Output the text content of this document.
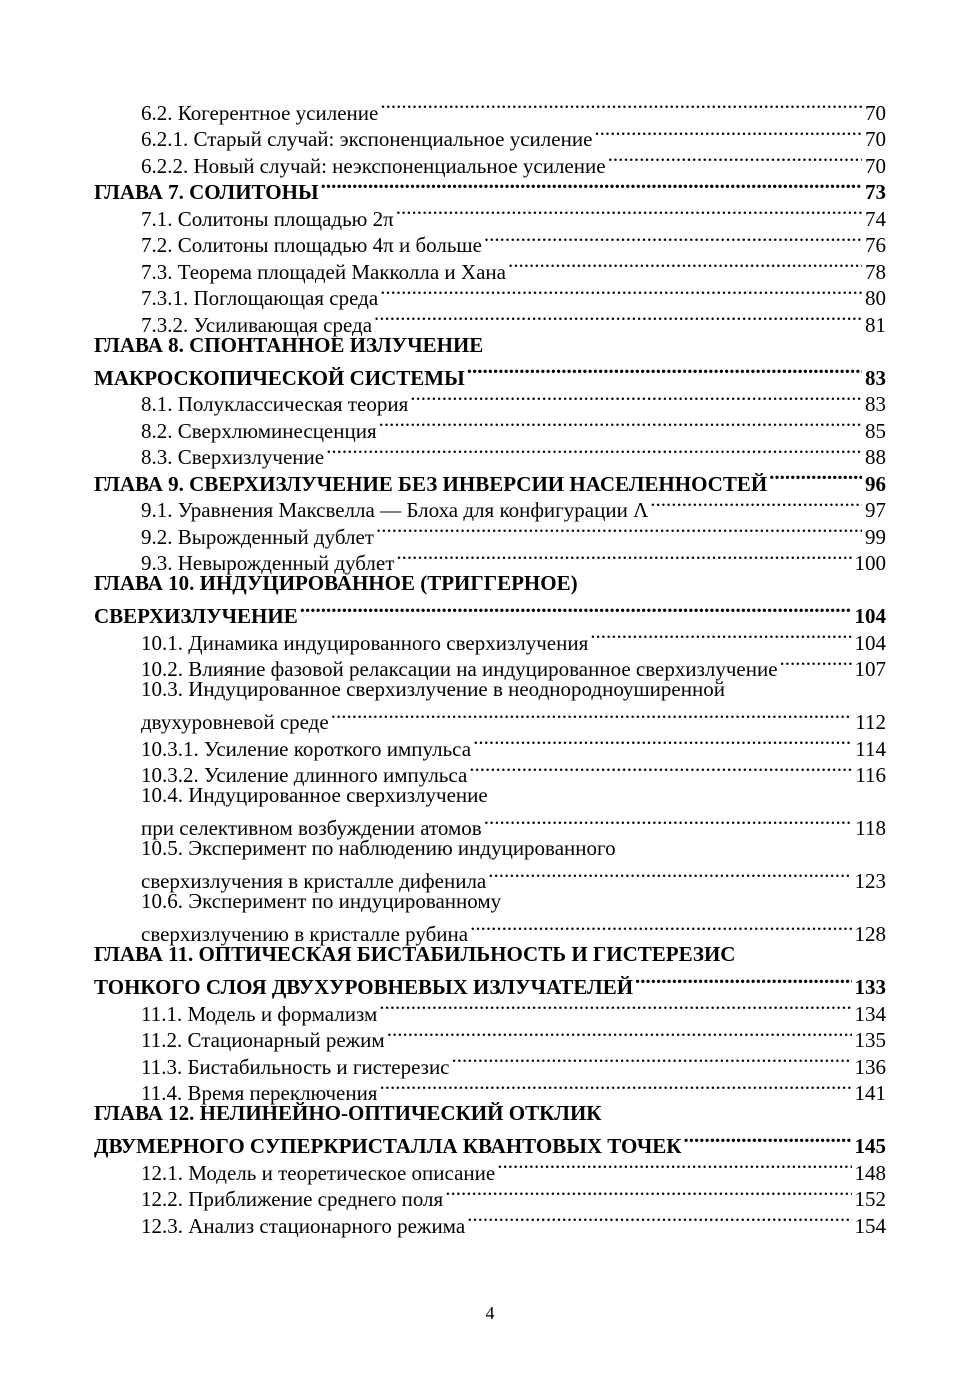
6.2. Когерентное усиление .....	70
6.2.1. Старый случай: экспоненциальное усиление .....	70
6.2.2. Новый случай: неэкспоненциальное усиление .....	70
ГЛАВА 7. СОЛИТОНЫ .....	73
7.1. Солитоны площадью 2π .....	74
7.2. Солитоны площадью 4π и больше .....	76
7.3. Теорема площадей Макколла и Хана .....	78
7.3.1. Поглощающая среда .....	80
7.3.2. Усиливающая среда .....	81
ГЛАВА 8. СПОНТАННОЕ ИЗЛУЧЕНИЕ
МАКРОСКОПИЧЕСКОЙ СИСТЕМЫ .....	83
8.1. Полуклассическая теория .....	83
8.2. Сверхлюминесценция .....	85
8.3. Сверхизлучение .....	88
ГЛАВА 9. СВЕРХИЗЛУЧЕНИЕ БЕЗ ИНВЕРСИИ НАСЕЛЕННОСТЕЙ .....	96
9.1. Уравнения Максвелла — Блоха для конфигурации Λ .....	97
9.2. Вырожденный дублет .....	99
9.3. Невырожденный дублет .....	100
ГЛАВА 10. ИНДУЦИРОВАННОЕ (ТРИГГЕРНОЕ)
СВЕРХИЗЛУЧЕНИЕ .....	104
10.1. Динамика индуцированного сверхизлучения .....	104
10.2. Влияние фазовой релаксации на индуцированное сверхизлучение .....	107
10.3. Индуцированное сверхизлучение в неоднородноуширенной
двухуровневой среде .....	112
10.3.1. Усиление короткого импульса .....	114
10.3.2. Усиление длинного импульса .....	116
10.4. Индуцированное сверхизлучение
при селективном возбуждении атомов .....	118
10.5. Эксперимент по наблюдению индуцированного
сверхизлучения в кристалле дифенила .....	123
10.6. Эксперимент по индуцированному
сверхизлучению в кристалле рубина .....	128
ГЛАВА 11. ОПТИЧЕСКАЯ БИСТАБИЛЬНОСТЬ И ГИСТЕРЕЗИС
ТОНКОГО СЛОЯ ДВУХУРОВНЕВЫХ ИЗЛУЧАТЕЛЕЙ .....	133
11.1. Модель и формализм .....	134
11.2. Стационарный режим .....	135
11.3. Бистабильность и гистерезис .....	136
11.4. Время переключения .....	141
ГЛАВА 12. НЕЛИНЕЙНО-ОПТИЧЕСКИЙ ОТКЛИК
ДВУМЕРНОГО СУПЕРКРИСТАЛЛА КВАНТОВЫХ ТОЧЕК .....	145
12.1. Модель и теоретическое описание .....	148
12.2. Приближение среднего поля .....	152
12.3. Анализ стационарного режима .....	154
4
